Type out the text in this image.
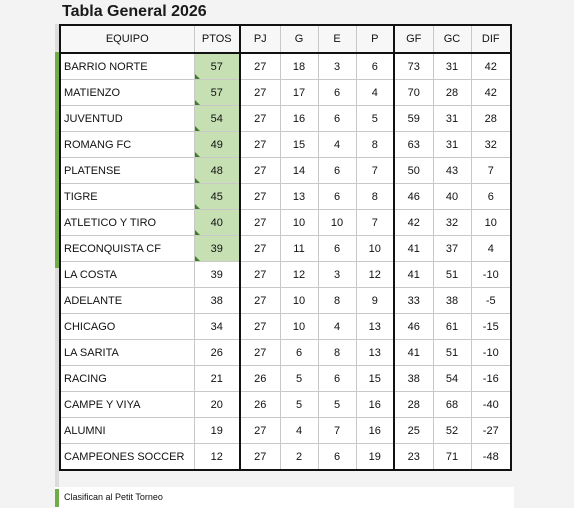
Tabla General 2026
EQUIPO	PTOS	PJ	G	E	P	GF	GC	DIF
BARRIO NORTE	57	27	18	3	6	73	31	42
MATIENZO	57	27	17	6	4	70	28	42
JUVENTUD	54	27	16	6	5	59	31	28
ROMANG FC	49	27	15	4	8	63	31	32
PLATENSE	48	27	14	6	7	50	43	7
TIGRE	45	27	13	6	8	46	40	6
ATLETICO Y TIRO	40	27	10	10	7	42	32	10
RECONQUISTA CF	39	27	11	6	10	41	37	4
LA COSTA	39	27	12	3	12	41	51	-10
ADELANTE	38	27	10	8	9	33	38	-5
CHICAGO	34	27	10	4	13	46	61	-15
LA SARITA	26	27	6	8	13	41	51	-10
RACING	21	26	5	6	15	38	54	-16
CAMPE Y VIYA	20	26	5	5	16	28	68	-40
ALUMNI	19	27	4	7	16	25	52	-27
CAMPEONES SOCCER	12	27	2	6	19	23	71	-48
Clasifican al Petit Torneo
